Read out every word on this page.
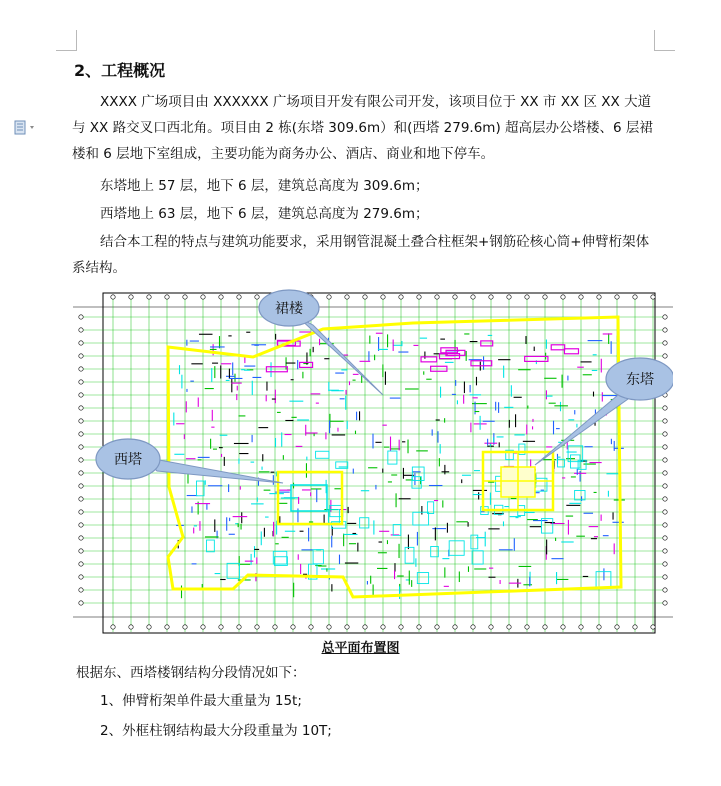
2、工程概况
XXXX 广场项目由 XXXXXX 广场项目开发有限公司开发，该项目位于 XX 市 XX 区 XX 大道与 XX 路交叉口西北角。项目由 2 栋(东塔 309.6m）和(西塔 279.6m) 超高层办公塔楼、6 层裙楼和 6 层地下室组成，主要功能为商务办公、酒店、商业和地下停车。
东塔地上 57 层，地下 6 层，建筑总高度为 309.6m；
西塔地上 63 层，地下 6 层，建筑总高度为 279.6m；
结合本工程的特点与建筑功能要求，采用钢管混凝土叠合柱框架+钢筋砼核心筒+伸臂桁架体系结构。
西塔
裙楼
东塔
总平面布置图
根据东、西塔楼钢结构分段情况如下：
1、伸臂桁架单件最大重量为 15t;
2、外框柱钢结构最大分段重量为 10T;
